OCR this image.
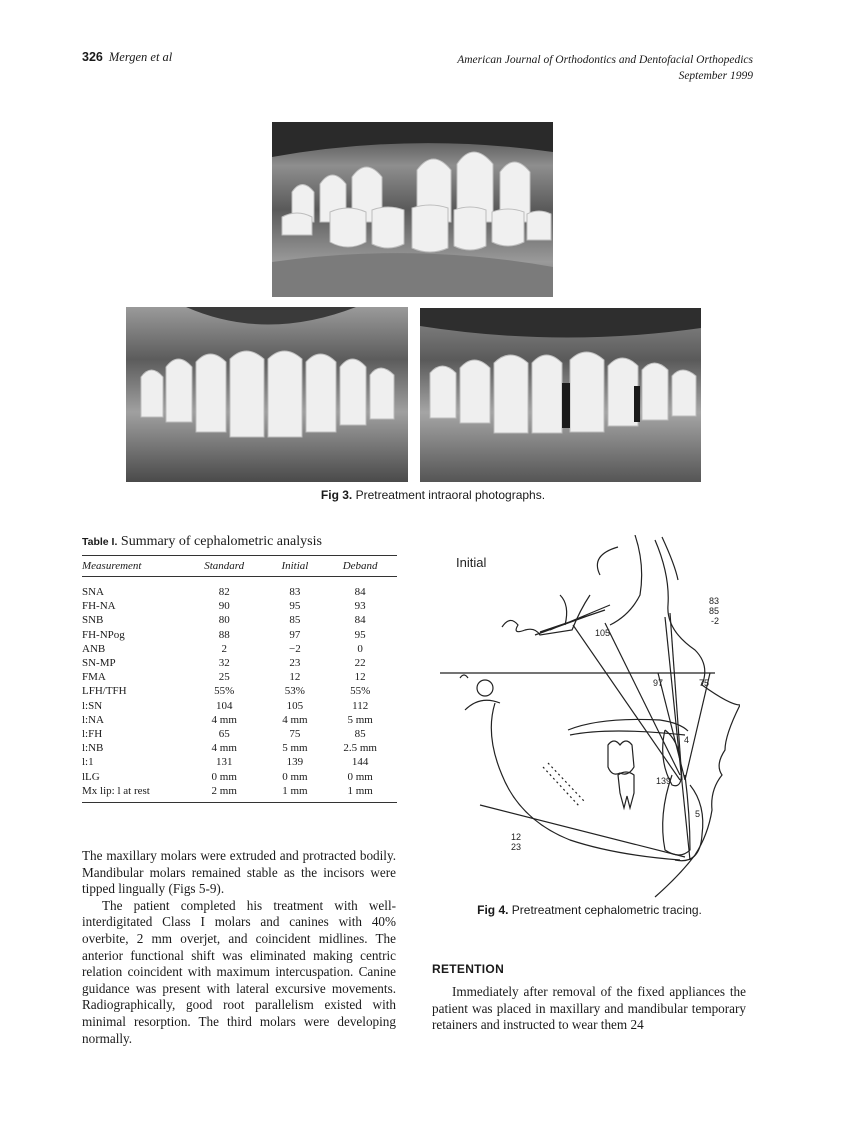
326 Mergen et al	American Journal of Orthodontics and Dentofacial Orthopedics
September 1999
Fig 3. Pretreatment intraoral photographs.
Table I. Summary of cephalometric analysis
Measurement	Standard	Initial	Deband
SNA	82	83	84
FH-NA	90	95	93
SNB	80	85	84
FH-NPog	88	97	95
ANB	2	−2	0
SN-MP	32	23	22
FMA	25	12	12
LFH/TFH	55%	53%	55%
l:SN	104	105	112
l:NA	4 mm	4 mm	5 mm
l:FH	65	75	85
l:NB	4 mm	5 mm	2.5 mm
l:1	131	139	144
lLG	0 mm	0 mm	0 mm
Mx lip: l at rest	2 mm	1 mm	1 mm
Initial
105
83
85
-2
97	75
4
139
5
12
23
Fig 4. Pretreatment cephalometric tracing.

The maxillary molars were extruded and protracted bodily. Mandibular molars remained stable as the incisors were tipped lingually (Figs 5-9).

The patient completed his treatment with well-interdigitated Class I molars and canines with 40% overbite, 2 mm overjet, and coincident midlines. The anterior functional shift was eliminated making centric relation coincident with maximum intercuspation. Canine guidance was present with lateral excursive movements. Radiographically, good root parallelism existed with minimal resorption. The third molars were developing normally.

RETENTION

Immediately after removal of the fixed appliances the patient was placed in maxillary and mandibular temporary retainers and instructed to wear them 24
